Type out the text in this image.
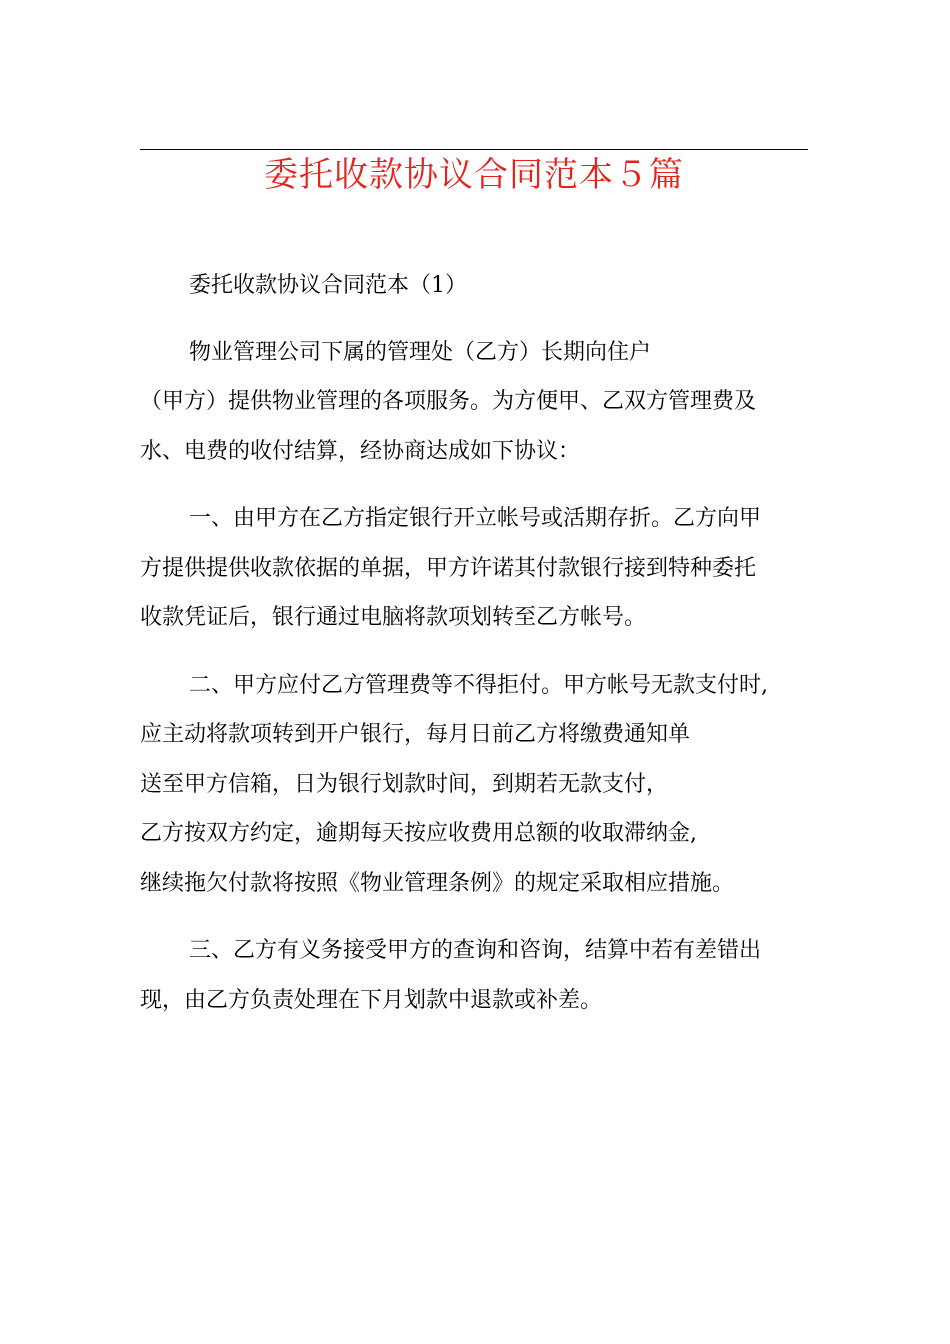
委托收款协议合同范本５篇

委托收款协议合同范本（1）

物业管理公司下属的管理处（乙方）长期向住户

（甲方）提供物业管理的各项服务。为方便甲、乙双方管理费及

水、电费的收付结算，经协商达成如下协议：

一、由甲方在乙方指定银行开立帐号或活期存折。乙方向甲

方提供提供收款依据的单据，甲方许诺其付款银行接到特种委托

收款凭证后，银行通过电脑将款项划转至乙方帐号。

二、甲方应付乙方管理费等不得拒付。甲方帐号无款支付时,

应主动将款项转到开户银行，每月日前乙方将缴费通知单

送至甲方信箱，日为银行划款时间，到期若无款支付，

乙方按双方约定，逾期每天按应收费用总额的收取滞纳金,

继续拖欠付款将按照《物业管理条例》的规定采取相应措施。

三、乙方有义务接受甲方的查询和咨询，结算中若有差错出

现，由乙方负责处理在下月划款中退款或补差。
